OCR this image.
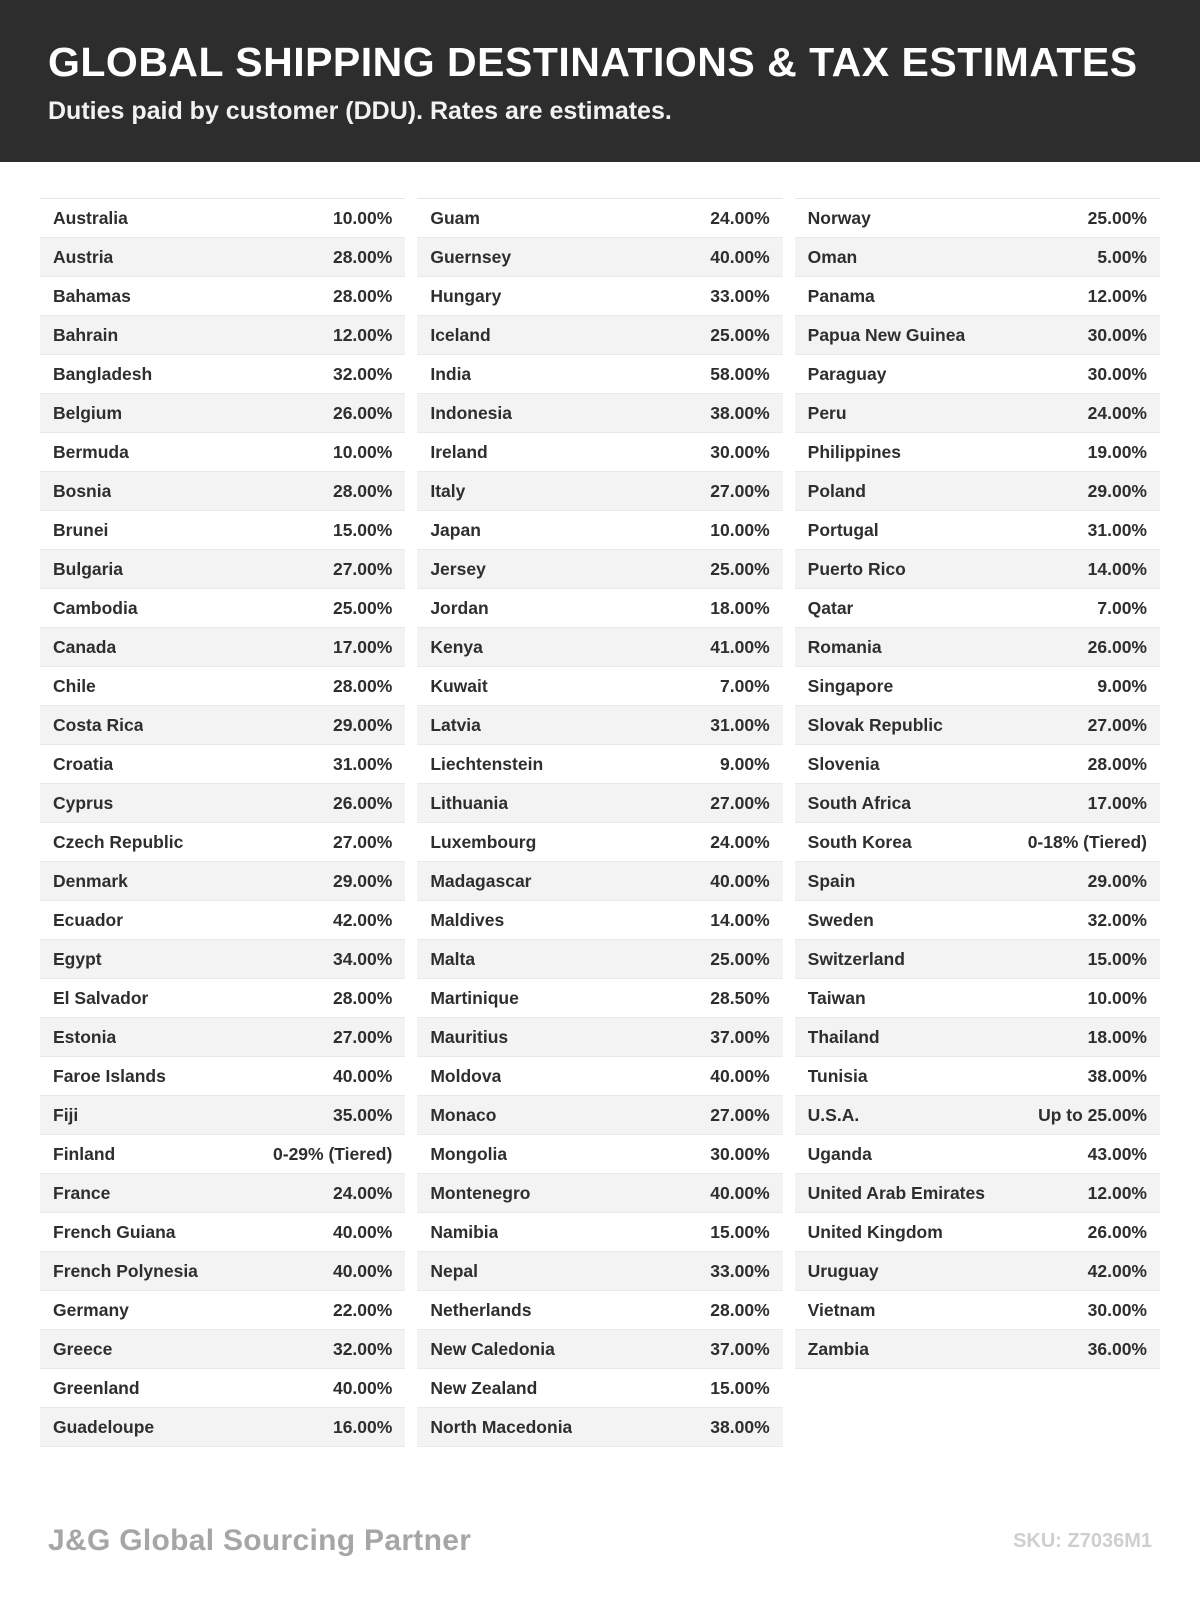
GLOBAL SHIPPING DESTINATIONS & TAX ESTIMATES
Duties paid by customer (DDU). Rates are estimates.
Australia	10.00%
Austria	28.00%
Bahamas	28.00%
Bahrain	12.00%
Bangladesh	32.00%
Belgium	26.00%
Bermuda	10.00%
Bosnia	28.00%
Brunei	15.00%
Bulgaria	27.00%
Cambodia	25.00%
Canada	17.00%
Chile	28.00%
Costa Rica	29.00%
Croatia	31.00%
Cyprus	26.00%
Czech Republic	27.00%
Denmark	29.00%
Ecuador	42.00%
Egypt	34.00%
El Salvador	28.00%
Estonia	27.00%
Faroe Islands	40.00%
Fiji	35.00%
Finland	0-29% (Tiered)
France	24.00%
French Guiana	40.00%
French Polynesia	40.00%
Germany	22.00%
Greece	32.00%
Greenland	40.00%
Guadeloupe	16.00%
Guam	24.00%
Guernsey	40.00%
Hungary	33.00%
Iceland	25.00%
India	58.00%
Indonesia	38.00%
Ireland	30.00%
Italy	27.00%
Japan	10.00%
Jersey	25.00%
Jordan	18.00%
Kenya	41.00%
Kuwait	7.00%
Latvia	31.00%
Liechtenstein	9.00%
Lithuania	27.00%
Luxembourg	24.00%
Madagascar	40.00%
Maldives	14.00%
Malta	25.00%
Martinique	28.50%
Mauritius	37.00%
Moldova	40.00%
Monaco	27.00%
Mongolia	30.00%
Montenegro	40.00%
Namibia	15.00%
Nepal	33.00%
Netherlands	28.00%
New Caledonia	37.00%
New Zealand	15.00%
North Macedonia	38.00%
Norway	25.00%
Oman	5.00%
Panama	12.00%
Papua New Guinea	30.00%
Paraguay	30.00%
Peru	24.00%
Philippines	19.00%
Poland	29.00%
Portugal	31.00%
Puerto Rico	14.00%
Qatar	7.00%
Romania	26.00%
Singapore	9.00%
Slovak Republic	27.00%
Slovenia	28.00%
South Africa	17.00%
South Korea	0-18% (Tiered)
Spain	29.00%
Sweden	32.00%
Switzerland	15.00%
Taiwan	10.00%
Thailand	18.00%
Tunisia	38.00%
U.S.A.	Up to 25.00%
Uganda	43.00%
United Arab Emirates	12.00%
United Kingdom	26.00%
Uruguay	42.00%
Vietnam	30.00%
Zambia	36.00%
J&G Global Sourcing Partner	SKU: Z7036M1
